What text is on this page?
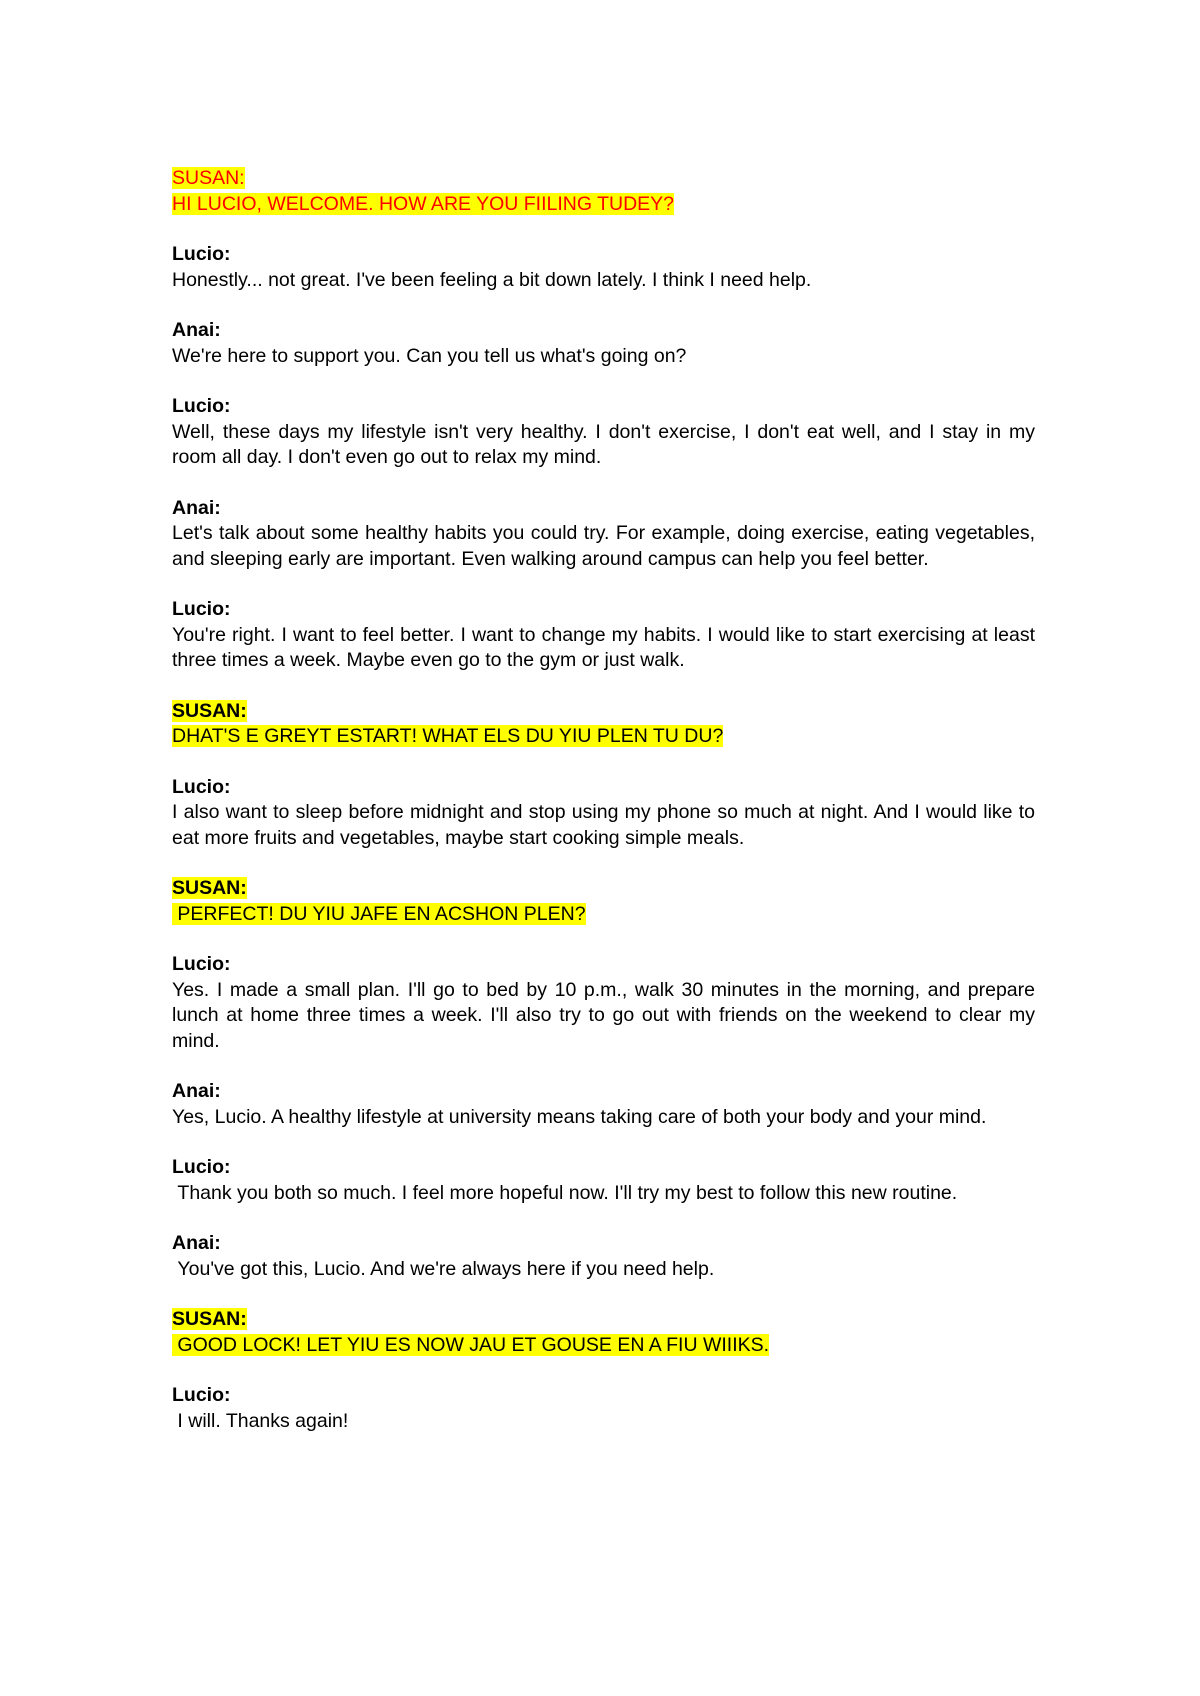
SUSAN:
HI LUCIO, WELCOME. HOW ARE YOU FIILING TUDEY?
Lucio:
Honestly... not great. I've been feeling a bit down lately. I think I need help.
Anai:
We're here to support you. Can you tell us what's going on?
Lucio:
Well, these days my lifestyle isn't very healthy. I don't exercise, I don't eat well, and I stay in my room all day. I don't even go out to relax my mind.
Anai:
Let's talk about some healthy habits you could try. For example, doing exercise, eating vegetables, and sleeping early are important. Even walking around campus can help you feel better.
Lucio:
You're right. I want to feel better. I want to change my habits. I would like to start exercising at least three times a week. Maybe even go to the gym or just walk.
SUSAN:
DHAT'S E GREYT ESTART! WHAT ELS DU YIU PLEN TU DU?
Lucio:
I also want to sleep before midnight and stop using my phone so much at night. And I would like to eat more fruits and vegetables, maybe start cooking simple meals.
SUSAN:
PERFECT! DU YIU JAFE EN ACSHON PLEN?
Lucio:
Yes. I made a small plan. I'll go to bed by 10 p.m., walk 30 minutes in the morning, and prepare lunch at home three times a week. I'll also try to go out with friends on the weekend to clear my mind.
Anai:
Yes, Lucio. A healthy lifestyle at university means taking care of both your body and your mind.
Lucio:
Thank you both so much. I feel more hopeful now. I'll try my best to follow this new routine.
Anai:
You've got this, Lucio. And we're always here if you need help.
SUSAN:
GOOD LOCK! LET YIU ES NOW JAU ET GOUSE EN A FIU WIIIKS.
Lucio:
I will. Thanks again!
